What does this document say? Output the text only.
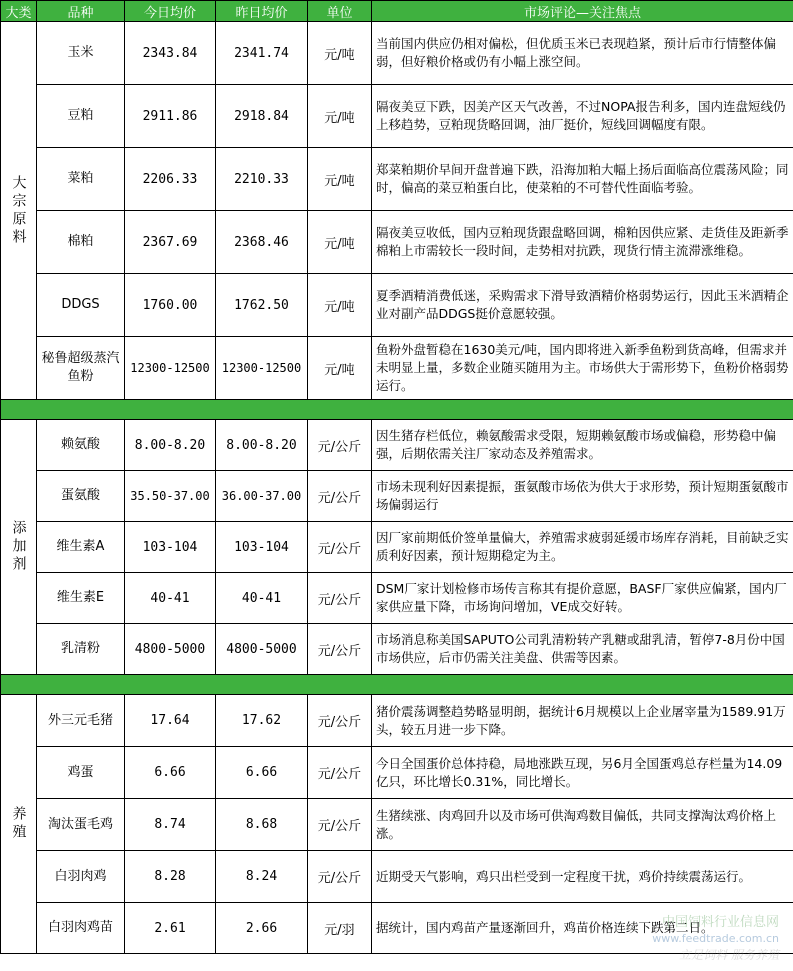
大类	品种	今日均价	昨日均价	单位	市场评论—关注焦点
大宗原料	玉米	2343.84	2341.74	元/吨	当前国内供应仍相对偏松，但优质玉米已表现趋紧，预计后市行情整体偏弱，但好粮价格或仍有小幅上涨空间。
	豆粕	2911.86	2918.84	元/吨	隔夜美豆下跌，因美产区天气改善，不过NOPA报告利多，国内连盘短线仍上移趋势，豆粕现货略回调，油厂挺价，短线回调幅度有限。
	菜粕	2206.33	2210.33	元/吨	郑菜粕期价早间开盘普遍下跌，沿海加粕大幅上扬后面临高位震荡风险；同时，偏高的菜豆粕蛋白比，使菜粕的不可替代性面临考验。
	棉粕	2367.69	2368.46	元/吨	隔夜美豆收低，国内豆粕现货跟盘略回调，棉粕因供应紧、走货佳及距新季棉粕上市需较长一段时间，走势相对抗跌，现货行情主流滞涨维稳。
	DDGS	1760.00	1762.50	元/吨	夏季酒精消费低迷，采购需求下滑导致酒精价格弱势运行，因此玉米酒精企业对副产品DDGS挺价意愿较强。
	秘鲁超级蒸汽鱼粉	12300-12500	12300-12500	元/吨	鱼粉外盘暂稳在1630美元/吨，国内即将进入新季鱼粉到货高峰，但需求并未明显上量，多数企业随买随用为主。市场供大于需形势下，鱼粉价格弱势运行。

添加剂	赖氨酸	8.00-8.20	8.00-8.20	元/公斤	因生猪存栏低位，赖氨酸需求受限，短期赖氨酸市场或偏稳，形势稳中偏强，后期依需关注厂家动态及养殖需求。
	蛋氨酸	35.50-37.00	36.00-37.00	元/公斤	市场未现利好因素提振，蛋氨酸市场依为供大于求形势，预计短期蛋氨酸市场偏弱运行
	维生素A	103-104	103-104	元/公斤	因厂家前期低价签单量偏大，养殖需求疲弱延缓市场库存消耗，目前缺乏实质利好因素，预计短期稳定为主。
	维生素E	40-41	40-41	元/公斤	DSM厂家计划检修市场传言称其有提价意愿，BASF厂家供应偏紧，国内厂家供应量下降，市场询问增加，VE成交好转。
	乳清粉	4800-5000	4800-5000	元/公斤	市场消息称美国SAPUTO公司乳清粉转产乳糖或甜乳清，暂停7-8月份中国市场供应，后市仍需关注美盘、供需等因素。

养殖	外三元毛猪	17.64	17.62	元/公斤	猪价震荡调整趋势略显明朗，据统计6月规模以上企业屠宰量为1589.91万头，较五月进一步下降。
	鸡蛋	6.66	6.66	元/公斤	今日全国蛋价总体持稳，局地涨跌互现，另6月全国蛋鸡总存栏量为14.09亿只，环比增长0.31%，同比增长。
	淘汰蛋毛鸡	8.74	8.68	元/公斤	生猪续涨、肉鸡回升以及市场可供淘鸡数目偏低，共同支撑淘汰鸡价格上涨。
	白羽肉鸡	8.28	8.24	元/公斤	近期受天气影响，鸡只出栏受到一定程度干扰，鸡价持续震荡运行。
	白羽肉鸡苗	2.61	2.66	元/羽	据统计，国内鸡苗产量逐渐回升，鸡苗价格连续下跌第二日。
中国饲料行业信息网
www.feedtrade.com.cn
立足饲料 服务养殖
